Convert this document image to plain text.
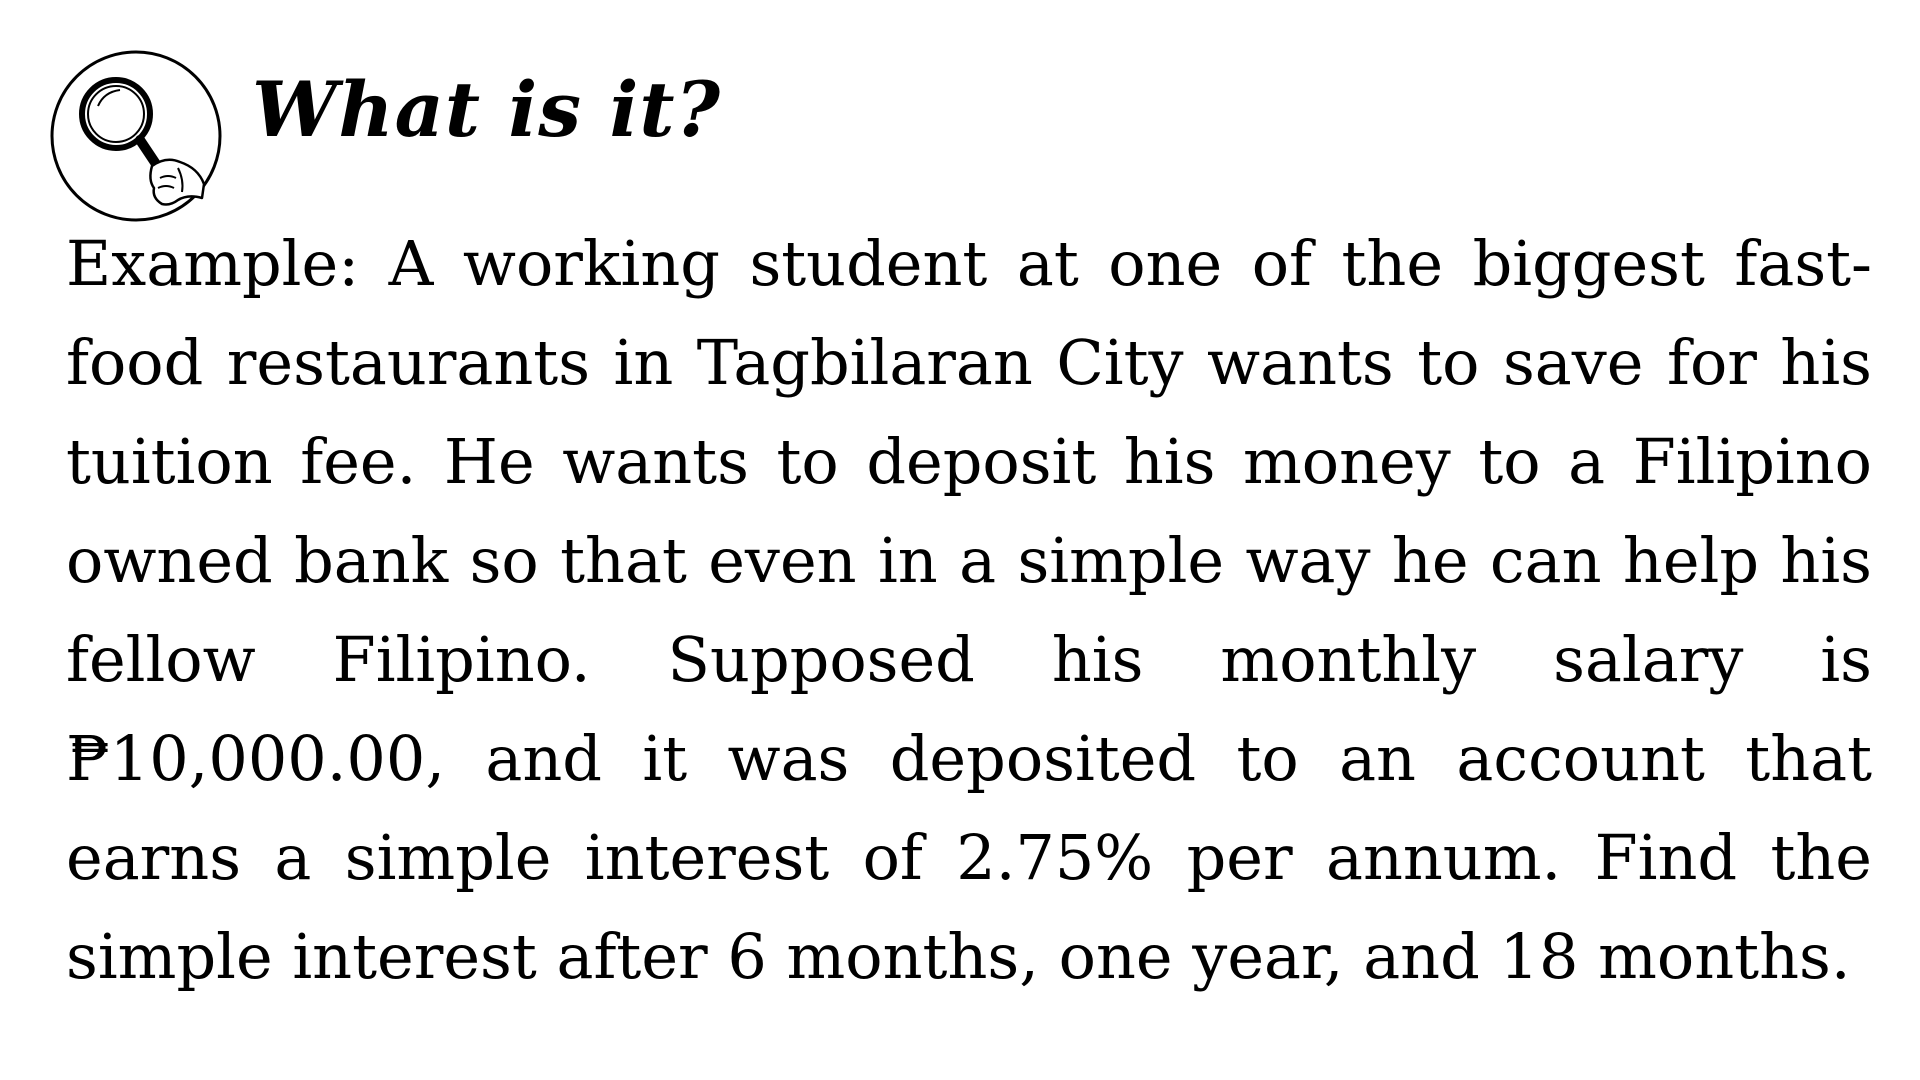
What is it?
Example: A working student at one of the biggest fast-food restaurants in Tagbilaran City wants to save for his tuition fee. He wants to deposit his money to a Filipino owned bank so that even in a simple way he can help his fellow Filipino. Supposed his monthly salary is ₱10,000.00, and it was deposited to an account that earns a simple interest of 2.75% per annum. Find the simple interest after 6 months, one year, and 18 months.
